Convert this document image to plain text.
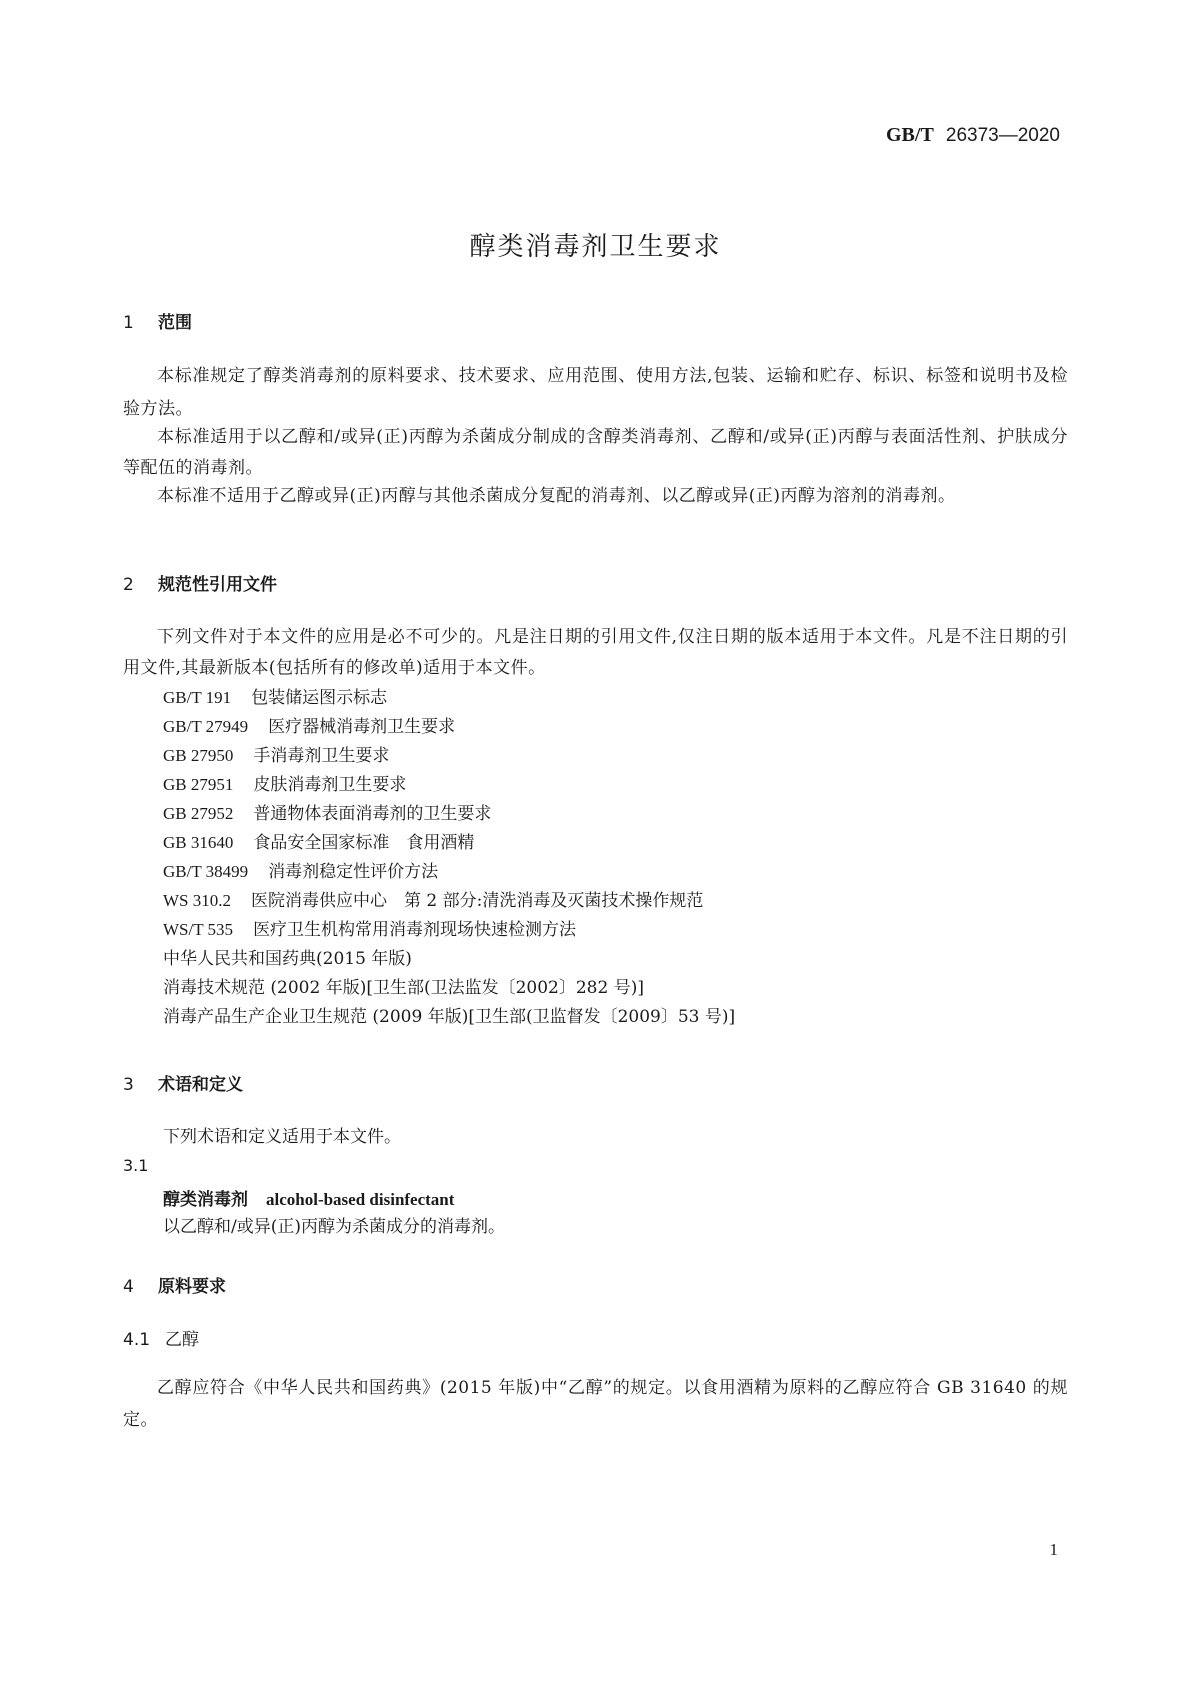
GB/T 26373—2020
醇类消毒剂卫生要求
1 范围
本标准规定了醇类消毒剂的原料要求、技术要求、应用范围、使用方法,包装、运输和贮存、标识、标签和说明书及检验方法。
本标准适用于以乙醇和/或异(正)丙醇为杀菌成分制成的含醇类消毒剂、乙醇和/或异(正)丙醇与表面活性剂、护肤成分等配伍的消毒剂。
本标准不适用于乙醇或异(正)丙醇与其他杀菌成分复配的消毒剂、以乙醇或异(正)丙醇为溶剂的消毒剂。
2 规范性引用文件
下列文件对于本文件的应用是必不可少的。凡是注日期的引用文件,仅注日期的版本适用于本文件。凡是不注日期的引用文件,其最新版本(包括所有的修改单)适用于本文件。
GB/T 191 包装储运图示标志
GB/T 27949 医疗器械消毒剂卫生要求
GB 27950 手消毒剂卫生要求
GB 27951 皮肤消毒剂卫生要求
GB 27952 普通物体表面消毒剂的卫生要求
GB 31640 食品安全国家标准　食用酒精
GB/T 38499 消毒剂稳定性评价方法
WS 310.2 医院消毒供应中心　第 2 部分:清洗消毒及灭菌技术操作规范
WS/T 535 医疗卫生机构常用消毒剂现场快速检测方法
中华人民共和国药典(2015 年版)
消毒技术规范 (2002 年版)[卫生部(卫法监发〔2002〕282 号)]
消毒产品生产企业卫生规范 (2009 年版)[卫生部(卫监督发〔2009〕53 号)]
3 术语和定义
下列术语和定义适用于本文件。
3.1
醇类消毒剂 alcohol-based disinfectant
以乙醇和/或异(正)丙醇为杀菌成分的消毒剂。
4 原料要求
4.1 乙醇
乙醇应符合《中华人民共和国药典》(2015 年版)中“乙醇”的规定。以食用酒精为原料的乙醇应符合 GB 31640 的规定。
1
